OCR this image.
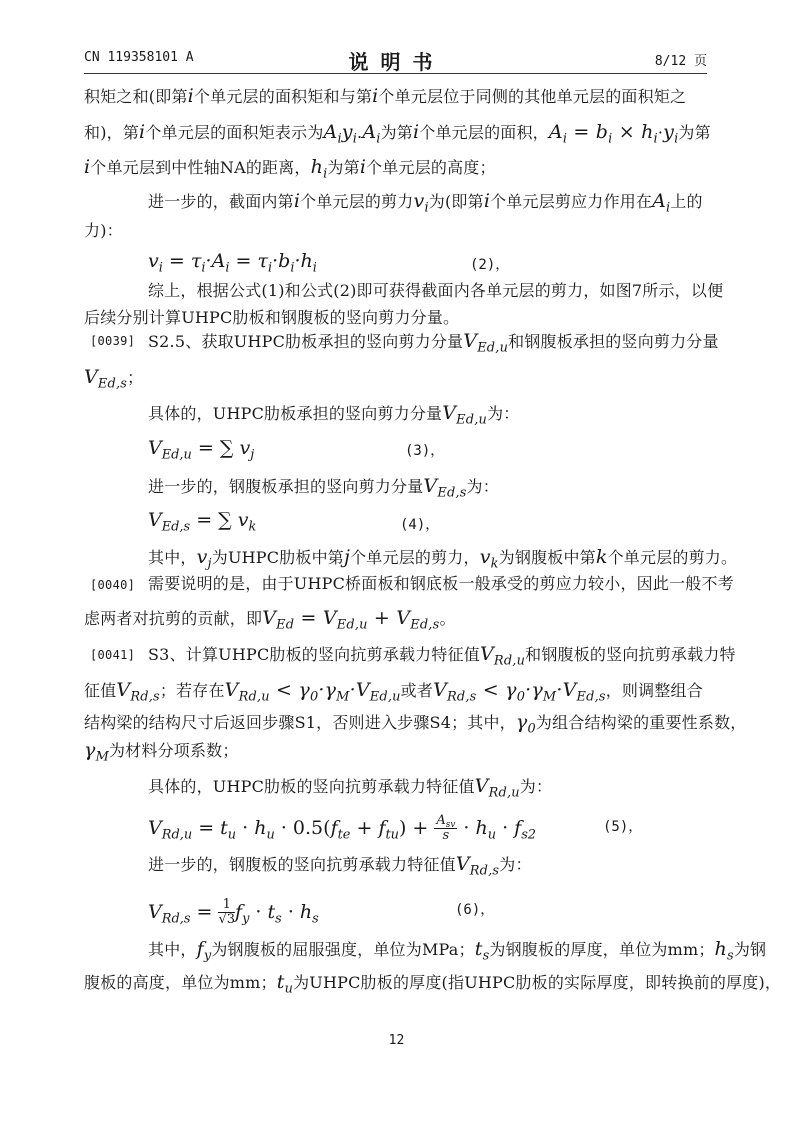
CN 119358101 A	说明书	8/12 页
积矩之和(即第i个单元层的面积矩和与第i个单元层位于同侧的其他单元层的面积矩之
和)，第i个单元层的面积矩表示为$A_iy_i.A_i$为第i个单元层的面积，$A_i = b_i \times h_i\cdot y_i$为第
i个单元层到中性轴NA的距离，$h_i$为第i个单元层的高度；
进一步的，截面内第i个单元层的剪力$v_i$为(即第i个单元层剪应力作用在$A_i$上的
力)：
$v_i = \tau_i\cdot A_i = \tau_i\cdot b_i\cdot h_i$	(2)，
综上，根据公式(1)和公式(2)即可获得截面内各单元层的剪力，如图7所示，以便
后续分别计算UHPC肋板和钢腹板的竖向剪力分量。
[0039] S2.5、获取UHPC肋板承担的竖向剪力分量$V_{Ed,u}$和钢腹板承担的竖向剪力分量
$V_{Ed,s}$；
具体的，UHPC肋板承担的竖向剪力分量$V_{Ed,u}$为：
$V_{Ed,u}$ = ∑ $v_j$	(3)，
进一步的，钢腹板承担的竖向剪力分量$V_{Ed,s}$为：
$V_{Ed,s}$ = ∑ $v_k$	(4)，
其中，$v_j$为UHPC肋板中第j个单元层的剪力，$v_k$为钢腹板中第k个单元层的剪力。
[0040] 需要说明的是，由于UHPC桥面板和钢底板一般承受的剪应力较小，因此一般不考
虑两者对抗剪的贡献，即$V_{Ed} = V_{Ed,u} + V_{Ed,s}$。
[0041] S3、计算UHPC肋板的竖向抗剪承载力特征值$V_{Rd,u}$和钢腹板的竖向抗剪承载力特
征值$V_{Rd,s}$；若存在$V_{Rd,u} < \gamma_0\cdot\gamma_M\cdot V_{Ed,u}$或者$V_{Rd,s} < \gamma_0\cdot\gamma_M\cdot V_{Ed,s}$，则调整组合
结构梁的结构尺寸后返回步骤S1，否则进入步骤S4；其中，$\gamma_0$为组合结构梁的重要性系数，
$\gamma_M$为材料分项系数；
具体的，UHPC肋板的竖向抗剪承载力特征值$V_{Rd,u}$为：
$V_{Rd,u} = t_u \cdot h_u \cdot 0.5(f_{te} + f_{tu}) + \frac{A_{sv}}{s} \cdot h_u \cdot f_{s2}$	(5)，
进一步的，钢腹板的竖向抗剪承载力特征值$V_{Rd,s}$为：
$V_{Rd,s} = \frac{1}{√3} f_y \cdot t_s \cdot h_s$
(6)，
其中，$f_y$为钢腹板的屈服强度，单位为MPa；$t_s$为钢腹板的厚度，单位为mm；$h_s$为钢
腹板的高度，单位为mm；$t_u$为UHPC肋板的厚度(指UHPC肋板的实际厚度，即转换前的厚度)，
12
